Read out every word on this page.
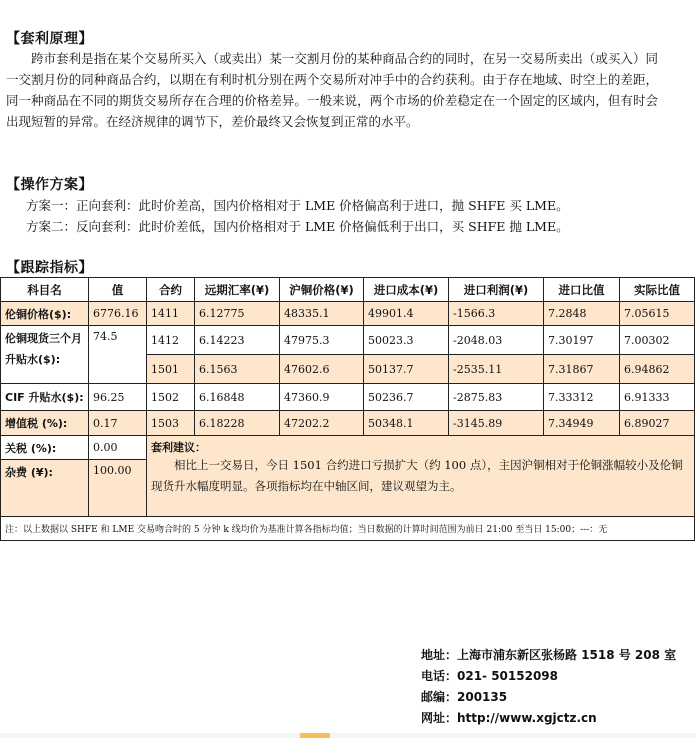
【套利原理】
跨市套利是指在某个交易所买入（或卖出）某一交割月份的某种商品合约的同时，在另一交易所卖出（或买入）同一交割月份的同种商品合约，以期在有利时机分别在两个交易所对冲手中的合约获利。由于存在地域、时空上的差距，同一种商品在不同的期货交易所存在合理的价格差异。一般来说，两个市场的价差稳定在一个固定的区域内，但有时会出现短暂的异常。在经济规律的调节下，差价最终又会恢复到正常的水平。
【操作方案】
方案一：正向套利：此时价差高，国内价格相对于 LME 价格偏高利于进口，抛 SHFE 买 LME。
方案二：反向套利：此时价差低，国内价格相对于 LME 价格偏低利于出口，买 SHFE 抛 LME。
【跟踪指标】
科目名	值	合约	远期汇率(¥)	沪铜价格(¥)	进口成本(¥)	进口利润(¥)	进口比值	实际比值
伦铜价格($):	6776.16	1411	6.12775	48335.1	49901.4	-1566.3	7.2848	7.05615
伦铜现货三个月升贴水($):	74.5	1412	6.14223	47975.3	50023.3	-2048.03	7.30197	7.00302
		1501	6.1563	47602.6	50137.7	-2535.11	7.31867	6.94862
CIF 升贴水($):	96.25	1502	6.16848	47360.9	50236.7	-2875.83	7.33312	6.91333
增值税 (%):	0.17	1503	6.18228	47202.2	50348.1	-3145.89	7.34949	6.89027
关税 (%):	0.00	套利建议：
相比上一交易日，今日 1501 合约进口亏损扩大（约 100 点），主因沪铜相对于伦铜涨幅较小及伦铜现货升水幅度明显。各项指标均在中轴区间，建议观望为主。						

杂费 (¥):	100.00							
注：以上数据以 SHFE 和 LME 交易吻合时的 5 分钟 k 线均价为基准计算各指标均值；当日数据的计算时间范围为前日 21:00 至当日 15:00；---：无								
地址：上海市浦东新区张杨路 1518 号 208 室
电话：021- 50152098
邮编：200135
网址：http://www.xgjctz.cn
